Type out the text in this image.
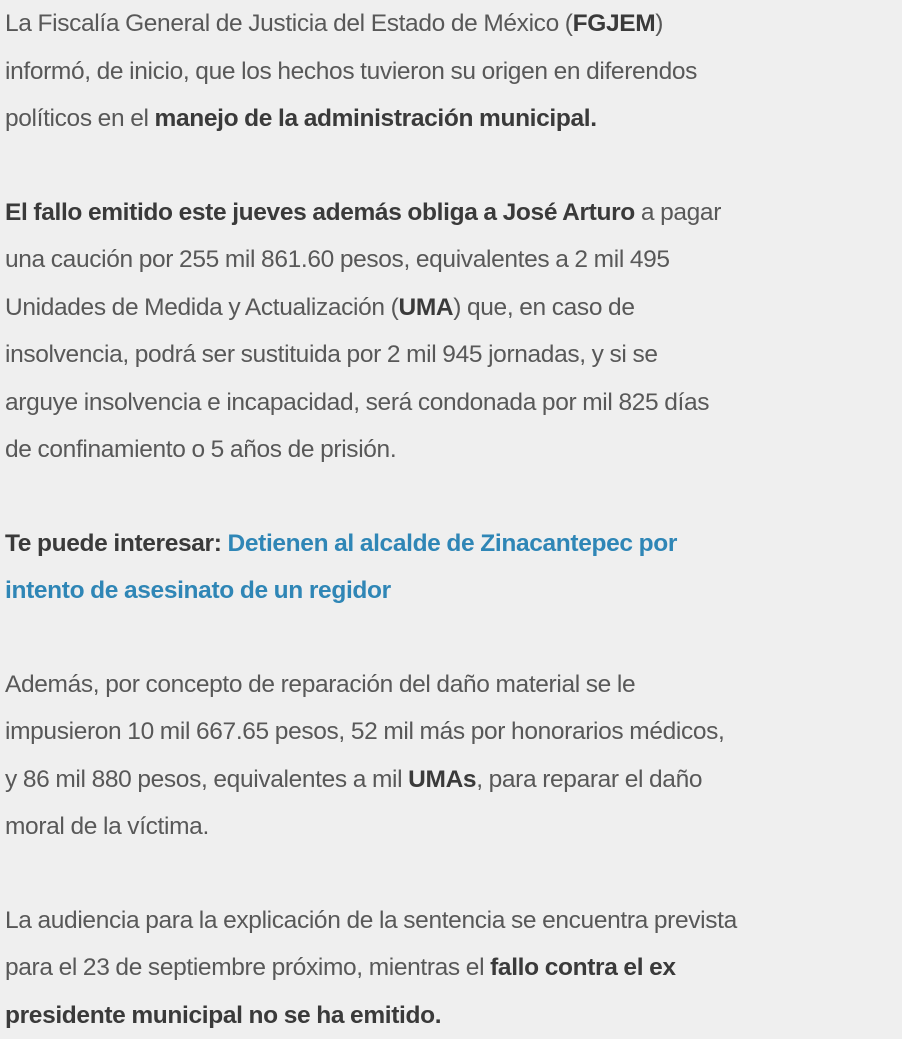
La Fiscalía General de Justicia del Estado de México (FGJEM)
informó, de inicio, que los hechos tuvieron su origen en diferendos
políticos en el manejo de la administración municipal.

El fallo emitido este jueves además obliga a José Arturo a pagar
una caución por 255 mil 861.60 pesos, equivalentes a 2 mil 495
Unidades de Medida y Actualización (UMA) que, en caso de
insolvencia, podrá ser sustituida por 2 mil 945 jornadas, y si se
arguye insolvencia e incapacidad, será condonada por mil 825 días
de confinamiento o 5 años de prisión.

Te puede interesar: Detienen al alcalde de Zinacantepec por
intento de asesinato de un regidor

Además, por concepto de reparación del daño material se le
impusieron 10 mil 667.65 pesos, 52 mil más por honorarios médicos,
y 86 mil 880 pesos, equivalentes a mil UMAs, para reparar el daño
moral de la víctima.

La audiencia para la explicación de la sentencia se encuentra prevista
para el 23 de septiembre próximo, mientras el fallo contra el ex
presidente municipal no se ha emitido.
